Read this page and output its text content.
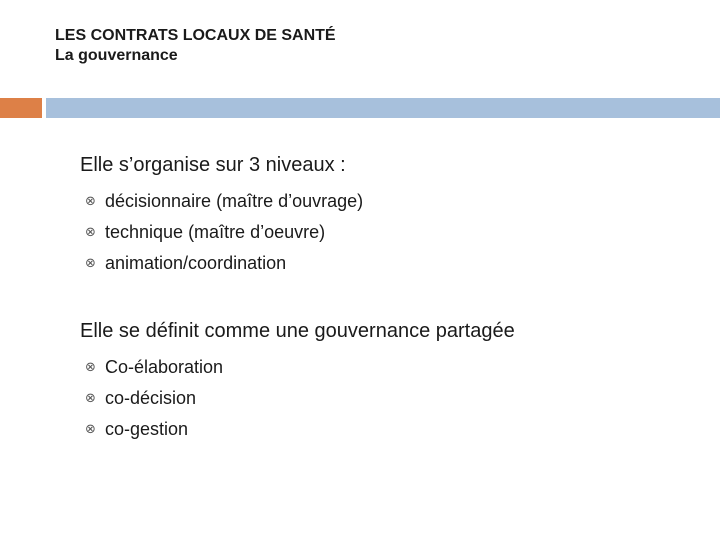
LES CONTRATS LOCAUX DE SANTÉ
La gouvernance

Elle s’organise sur 3 niveaux :

⊗ décisionnaire (maître d’ouvrage)
⊗ technique (maître d’oeuvre)
⊗ animation/coordination

Elle se définit comme une gouvernance partagée

⊗ Co-élaboration
⊗ co-décision
⊗ co-gestion
